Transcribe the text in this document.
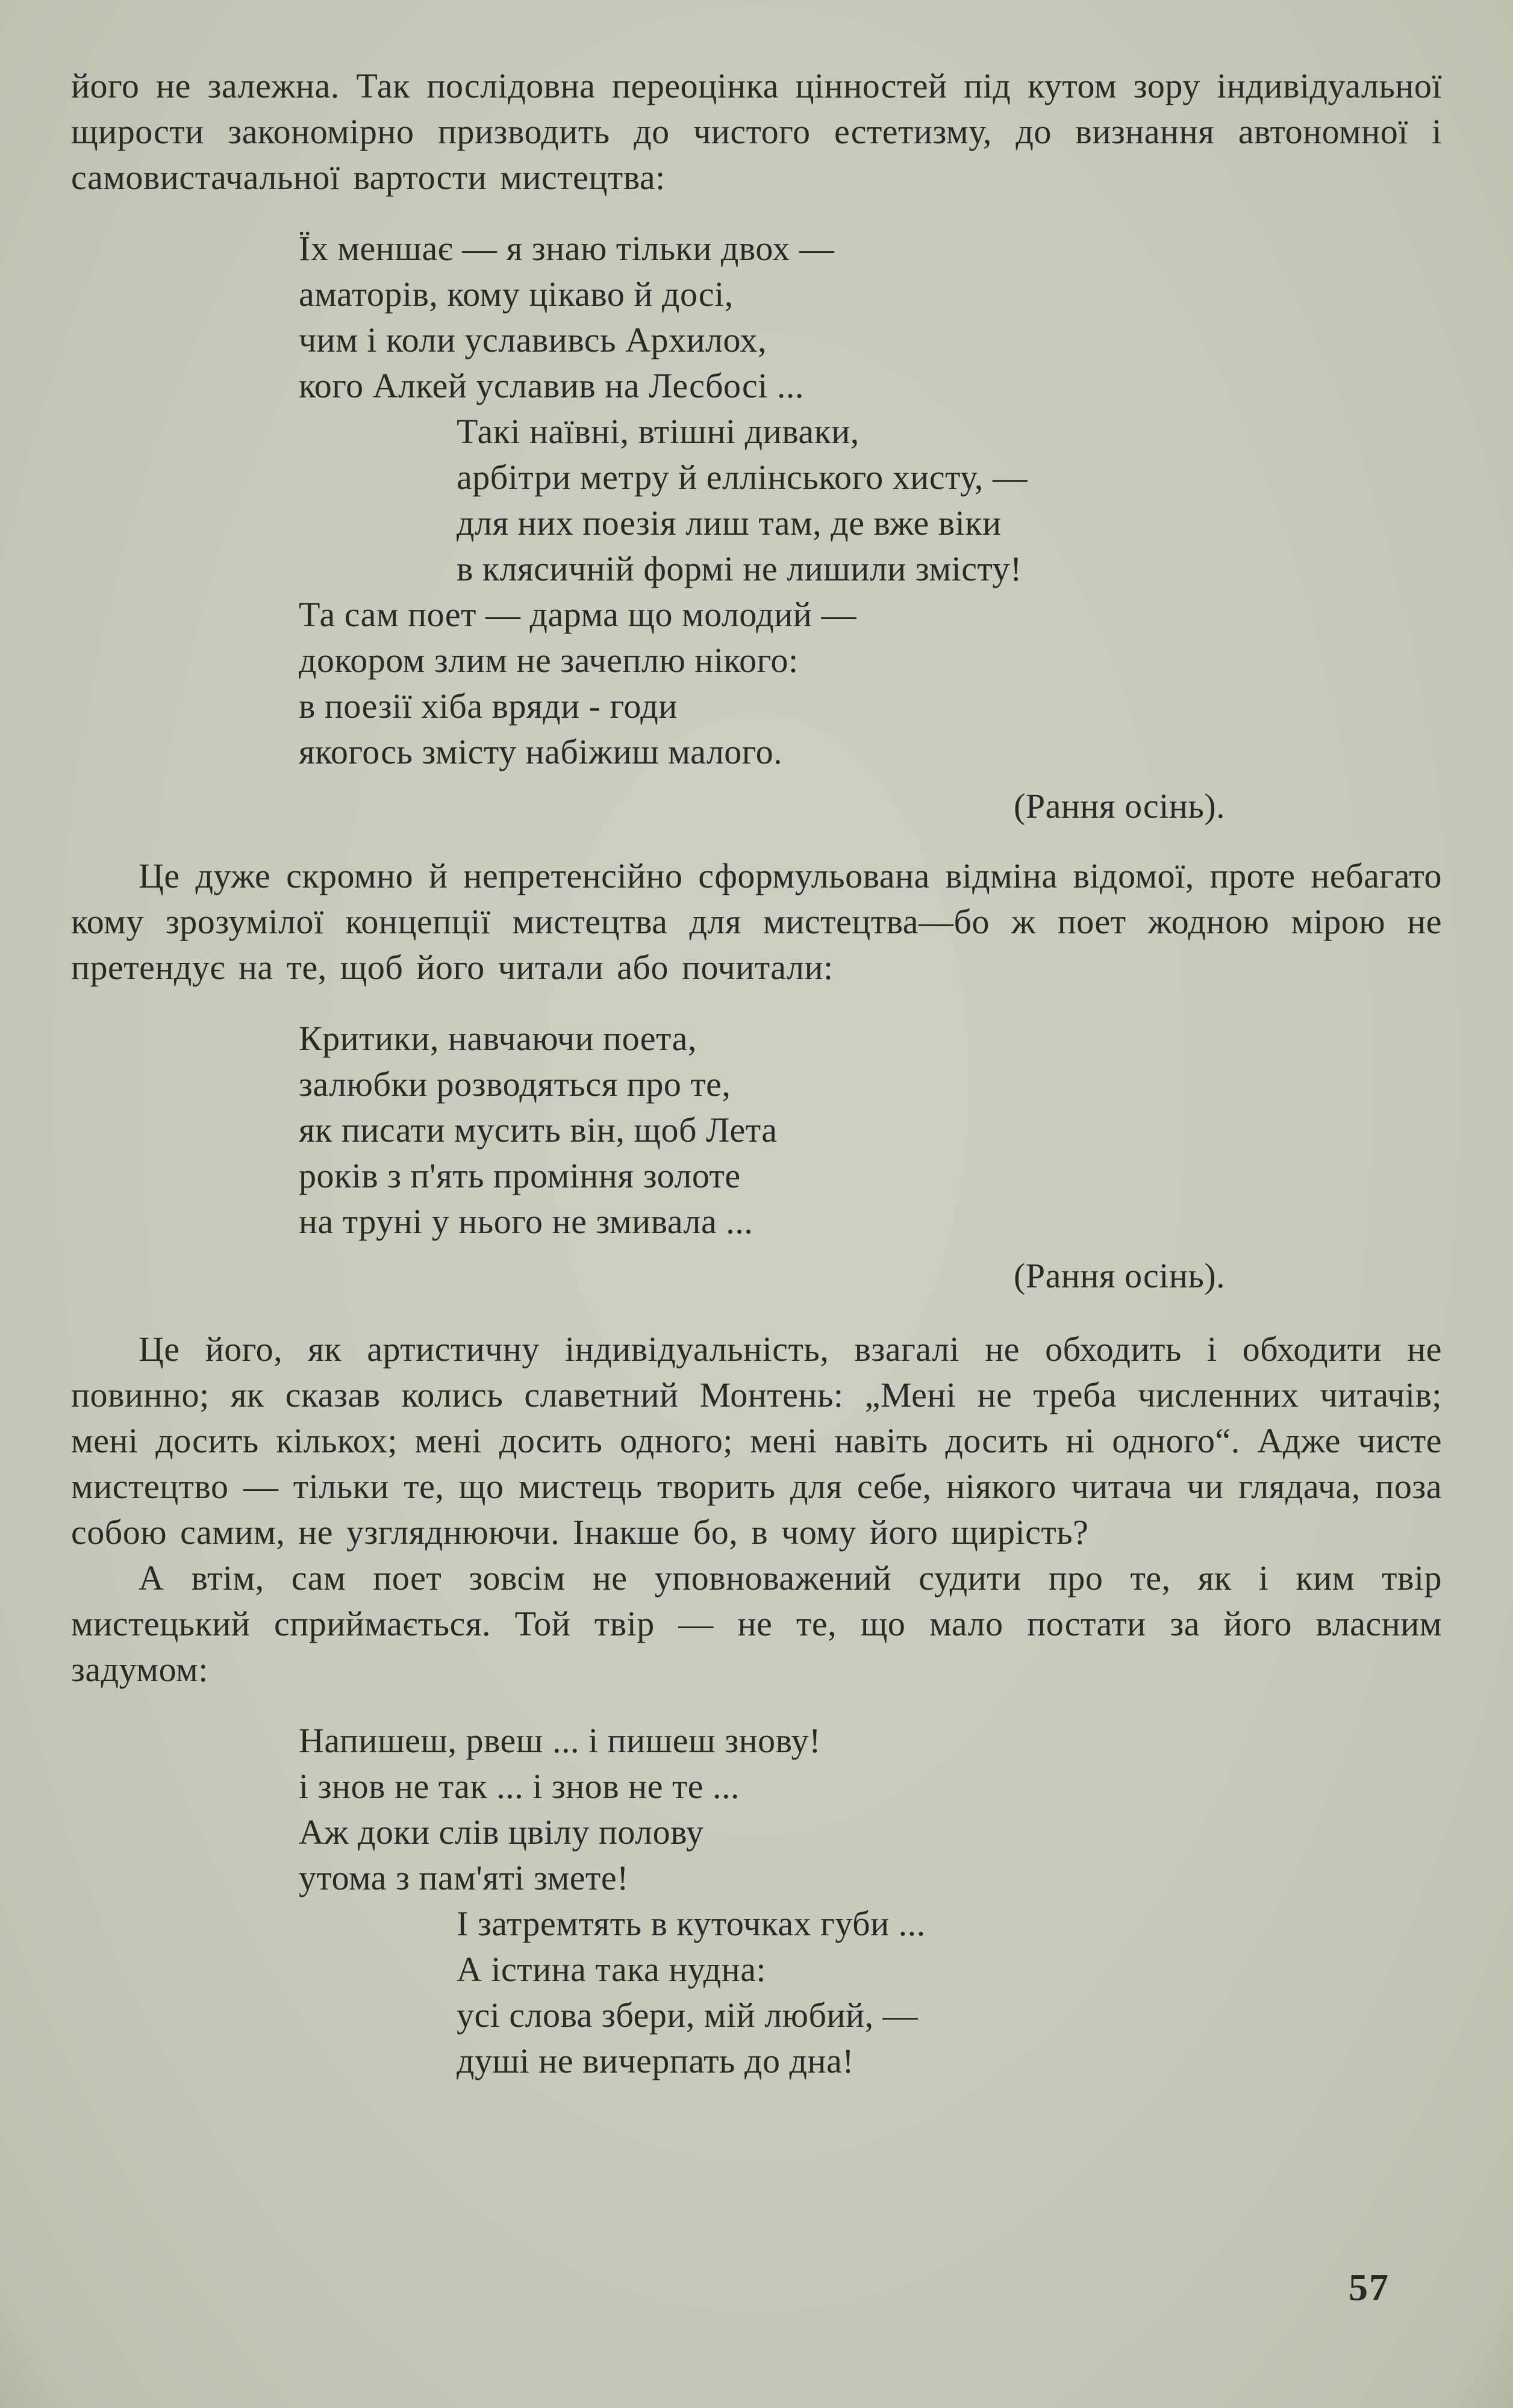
його не залежна. Так послідовна переоцінка цінностей під кутом зору індивідуальної щирости закономірно призводить до чистого естетизму, до визнання автономної і самовистачальної вартости мистецтва:

Їх меншає — я знаю тільки двох —
аматорів, кому цікаво й досі,
чим і коли уславивсь Архилох,
кого Алкей уславив на Лесбосі ...
Такі наївні, втішні диваки,
арбітри метру й еллінського хисту, —
для них поезія лиш там, де вже віки
в клясичній формі не лишили змісту!
Та сам поет — дарма що молодий —
докором злим не зачеплю нікого:
в поезії хіба вряди - годи
якогось змісту набіжиш малого.
(Рання осінь).

Це дуже скромно й непретенсійно сформульована відміна відомої, проте небагато кому зрозумілої концепції мистецтва для мистецтва—бо ж поет жодною мірою не претендує на те, щоб його читали або почитали:

Критики, навчаючи поета,
залюбки розводяться про те,
як писати мусить він, щоб Лета
років з п'ять проміння золоте
на труні у нього не змивала ...
(Рання осінь).

Це його, як артистичну індивідуальність, взагалі не обходить і обходити не повинно; як сказав колись славетний Монтень: „Мені не треба численних читачів; мені досить кількох; мені досить одного; мені навіть досить ні одного“. Адже чисте мистецтво — тільки те, що мистець творить для себе, ніякого читача чи глядача, поза собою самим, не узгляднюючи. Інакше бо, в чому його щирість?

А втім, сам поет зовсім не уповноважений судити про те, як і ким твір мистецький сприймається. Той твір — не те, що мало постати за його власним задумом:

Напишеш, рвеш ... і пишеш знову!
і знов не так ... і знов не те ...
Аж доки слів цвілу полову
утома з пам'яті змете!
І затремтять в куточках губи ...
А істина така нудна:
усі слова збери, мій любий, —
душі не вичерпать до дна!
57
